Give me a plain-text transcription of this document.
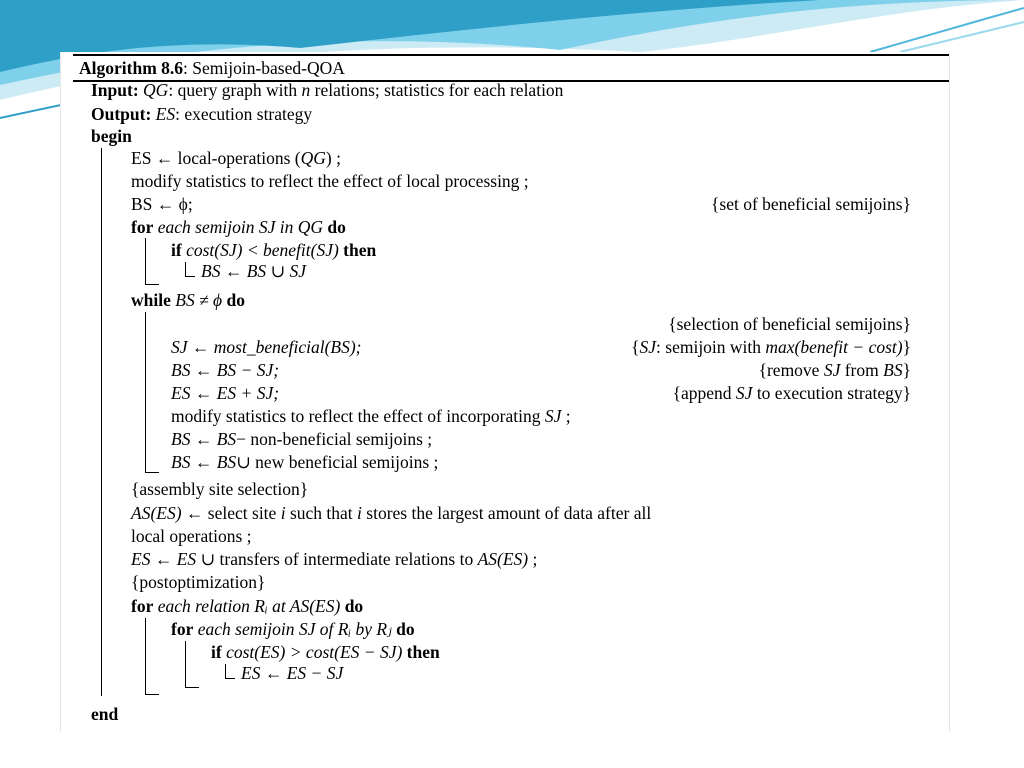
Algorithm 8.6: Semijoin-based-QOA
Input: QG: query graph with n relations; statistics for each relation
Output: ES: execution strategy
begin
ES ← local-operations (QG) ;
modify statistics to reflect the effect of local processing ;
BS ← ϕ;	{set of beneficial semijoins}
for each semijoin SJ in QG do
if cost(SJ) < benefit(SJ) then
BS ← BS ∪ SJ
while BS ≠ ϕ do
{selection of beneficial semijoins}
SJ ← most_beneficial(BS);	{SJ: semijoin with max(benefit − cost)}
BS ← BS − SJ;	{remove SJ from BS}
ES ← ES + SJ;	{append SJ to execution strategy}
modify statistics to reflect the effect of incorporating SJ ;
BS ← BS− non-beneficial semijoins ;
BS ← BS∪ new beneficial semijoins ;
{assembly site selection}
AS(ES) ← select site i such that i stores the largest amount of data after all
local operations ;
ES ← ES ∪ transfers of intermediate relations to AS(ES) ;
{postoptimization}
for each relation Rᵢ at AS(ES) do
for each semijoin SJ of Rᵢ by Rⱼ do
if cost(ES) > cost(ES − SJ) then
ES ← ES − SJ
end
